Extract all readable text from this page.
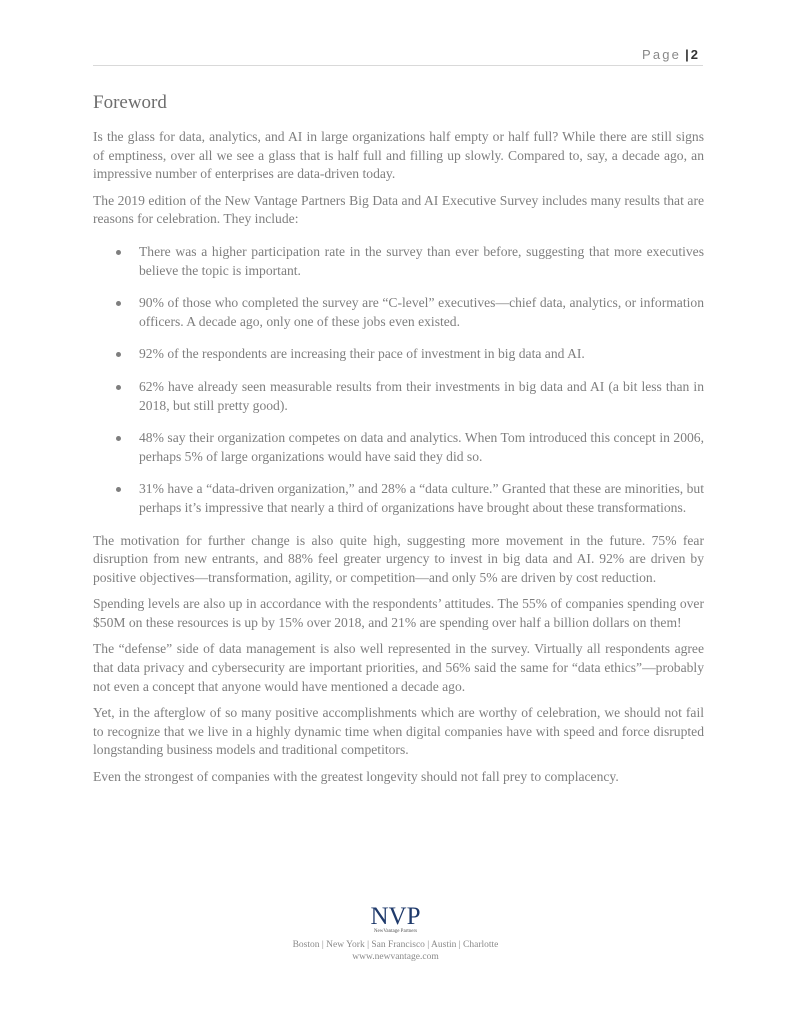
Page | 2
Foreword

Is the glass for data, analytics, and AI in large organizations half empty or half full? While there are still signs of emptiness, over all we see a glass that is half full and filling up slowly. Compared to, say, a decade ago, an impressive number of enterprises are data-driven today.

The 2019 edition of the New Vantage Partners Big Data and AI Executive Survey includes many results that are reasons for celebration. They include:

There was a higher participation rate in the survey than ever before, suggesting that more executives believe the topic is important.
90% of those who completed the survey are “C-level” executives—chief data, analytics, or information officers. A decade ago, only one of these jobs even existed.
92% of the respondents are increasing their pace of investment in big data and AI.
62% have already seen measurable results from their investments in big data and AI (a bit less than in 2018, but still pretty good).
48% say their organization competes on data and analytics. When Tom introduced this concept in 2006, perhaps 5% of large organizations would have said they did so.
31% have a “data-driven organization,” and 28% a “data culture.” Granted that these are minorities, but perhaps it’s impressive that nearly a third of organizations have brought about these transformations.

The motivation for further change is also quite high, suggesting more movement in the future. 75% fear disruption from new entrants, and 88% feel greater urgency to invest in big data and AI. 92% are driven by positive objectives—transformation, agility, or competition—and only 5% are driven by cost reduction.

Spending levels are also up in accordance with the respondents’ attitudes. The 55% of companies spending over $50M on these resources is up by 15% over 2018, and 21% are spending over half a billion dollars on them!

The “defense” side of data management is also well represented in the survey. Virtually all respondents agree that data privacy and cybersecurity are important priorities, and 56% said the same for “data ethics”—probably not even a concept that anyone would have mentioned a decade ago.

Yet, in the afterglow of so many positive accomplishments which are worthy of celebration, we should not fail to recognize that we live in a highly dynamic time when digital companies have with speed and force disrupted longstanding business models and traditional competitors.

Even the strongest of companies with the greatest longevity should not fall prey to complacency.

NVP
NewVantage Partners
Boston | New York | San Francisco | Austin | Charlotte
www.newvantage.com
